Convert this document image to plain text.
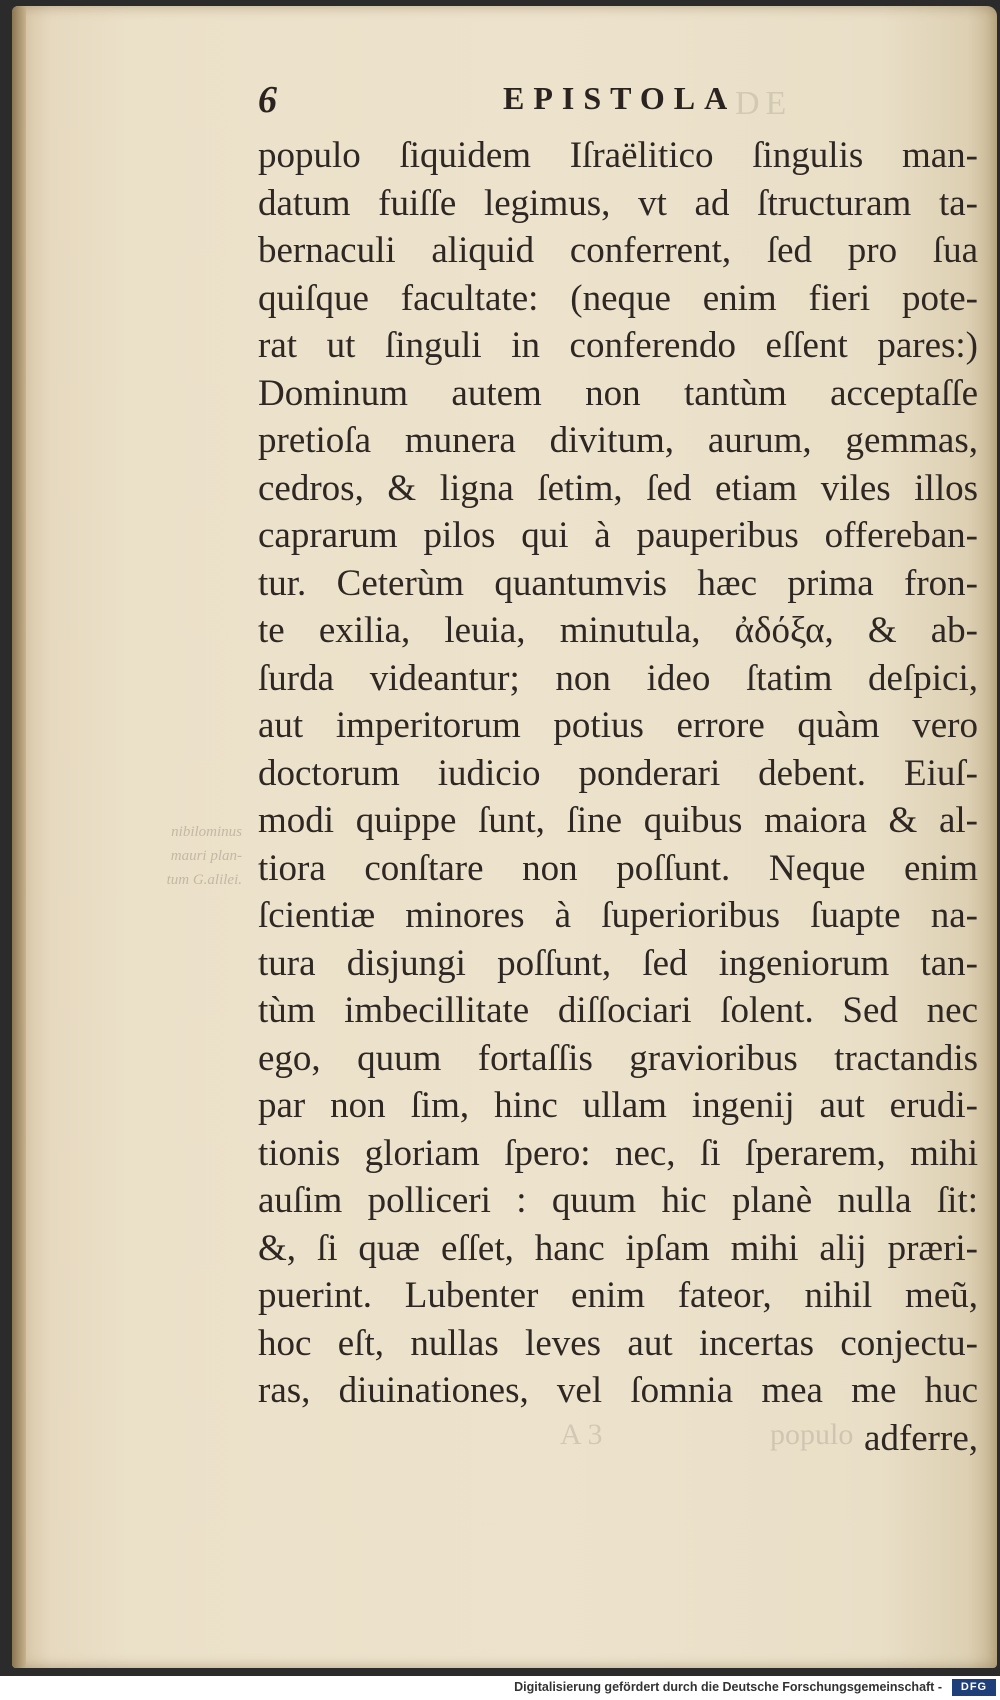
DE
nibilominus
mauri plan-
tum G.alilei.
A 3	populo
6	EPISTOLA
populo ſiquidem Iſraëlitico ſingulis man-
datum fuiſſe legimus, vt ad ſtructuram ta-
bernaculi aliquid conferrent, ſed pro ſua
quiſque facultate: (neque enim fieri pote-
rat ut ſinguli in conferendo eſſent pares:)
Dominum autem non tantùm acceptaſſe
pretioſa munera divitum, aurum, gemmas,
cedros, & ligna ſetim, ſed etiam viles illos
caprarum pilos qui à pauperibus offereban-
tur. Ceterùm quantumvis hæc prima fron-
te exilia, leuia, minutula, ἀδόξα, & ab-
ſurda videantur; non ideo ſtatim deſpici,
aut imperitorum potius errore quàm vero
doctorum iudicio ponderari debent. Eiuſ-
modi quippe ſunt, ſine quibus maiora & al-
tiora conſtare non poſſunt. Neque enim
ſcientiæ minores à ſuperioribus ſuapte na-
tura disjungi poſſunt, ſed ingeniorum tan-
tùm imbecillitate diſſociari ſolent. Sed nec
ego, quum fortaſſis gravioribus tractandis
par non ſim, hinc ullam ingenij aut erudi-
tionis gloriam ſpero: nec, ſi ſperarem, mihi
auſim polliceri : quum hic planè nulla ſit:
&, ſi quæ eſſet, hanc ipſam mihi alij præri-
puerint. Lubenter enim fateor, nihil meũ,
hoc eſt, nullas leves aut incertas conjectu-
ras, diuinationes, vel ſomnia mea me huc
adferre,
Digitalisierung gefördert durch die Deutsche Forschungsgemeinschaft -	DFG
